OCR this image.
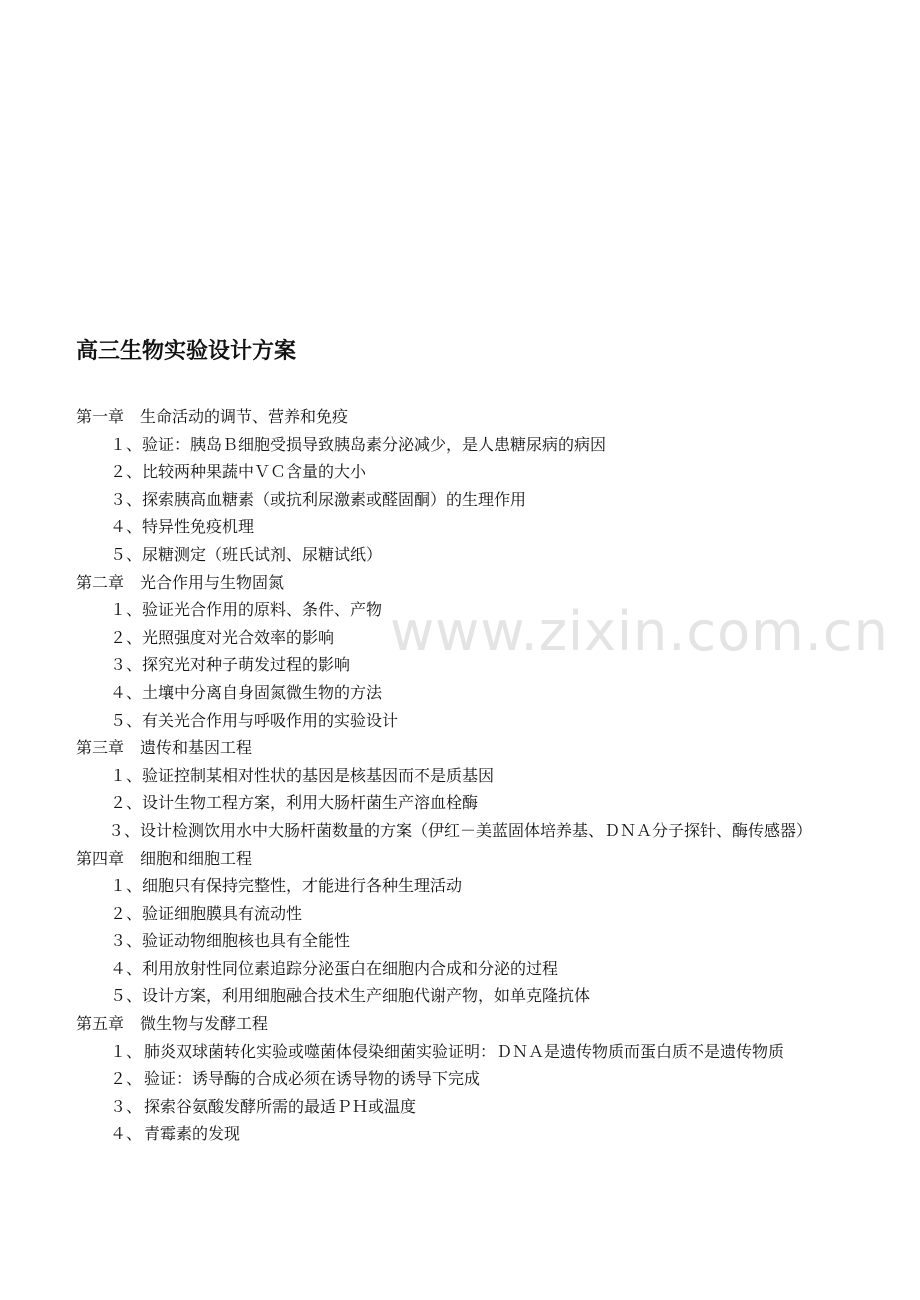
www.zixin.com.cn
高三生物实验设计方案
第一章　生命活动的调节、营养和免疫
１、 验证：胰岛Ｂ细胞受损导致胰岛素分泌减少，是人患糖尿病的病因
２、 比较两种果蔬中ＶＣ含量的大小
３、 探索胰高血糖素（或抗利尿激素或醛固酮）的生理作用
４、 特异性免疫机理
５、 尿糖测定（班氏试剂、尿糖试纸）
第二章　光合作用与生物固氮
１、 验证光合作用的原料、条件、产物
２、 光照强度对光合效率的影响
３、 探究光对种子萌发过程的影响
４、 土壤中分离自身固氮微生物的方法
５、 有关光合作用与呼吸作用的实验设计
第三章　遗传和基因工程
１、验证控制某相对性状的基因是核基因而不是质基因
２、设计生物工程方案，利用大肠杆菌生产溶血栓酶
３、设计检测饮用水中大肠杆菌数量的方案（伊红－美蓝固体培养基、ＤＮＡ分子探针、酶传感器）
第四章　细胞和细胞工程
１、 细胞只有保持完整性，才能进行各种生理活动
２、 验证细胞膜具有流动性
３、 验证动物细胞核也具有全能性
４、 利用放射性同位素追踪分泌蛋白在细胞内合成和分泌的过程
５、 设计方案，利用细胞融合技术生产细胞代谢产物，如单克隆抗体
第五章　微生物与发酵工程
１、 肺炎双球菌转化实验或噬菌体侵染细菌实验证明：ＤＮＡ是遗传物质而蛋白质不是遗传物质
２、 验证：诱导酶的合成必须在诱导物的诱导下完成
３、 探索谷氨酸发酵所需的最适ＰＨ或温度
４、 青霉素的发现
